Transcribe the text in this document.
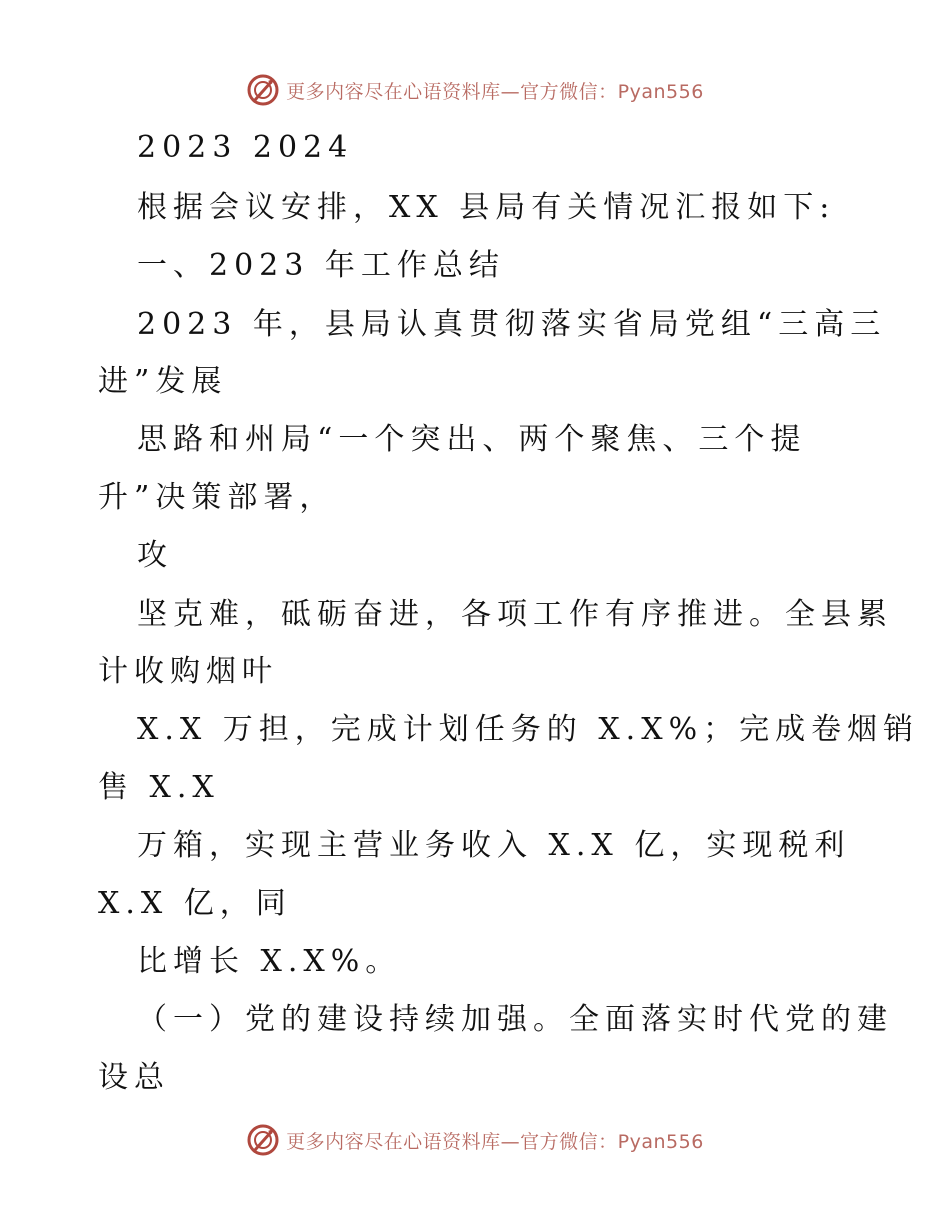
更多内容尽在心语资料库—官方微信：Pyan556
2023 2024
根据会议安排，XX 县局有关情况汇报如下:
一、2023 年工作总结
2023 年，县局认真贯彻落实省局党组“三高三
进”发展
思路和州局“一个突出、两个聚焦、三个提
升”决策部署，
攻
坚克难，砥砺奋进，各项工作有序推进。全县累
计收购烟叶
X.X 万担，完成计划任务的 X.X%；完成卷烟销
售 X.X
万箱，实现主营业务收入 X.X 亿，实现税利
X.X 亿，同
比增长 X.X%。
（一）党的建设持续加强。全面落实时代党的建
设总
更多内容尽在心语资料库—官方微信：Pyan556
